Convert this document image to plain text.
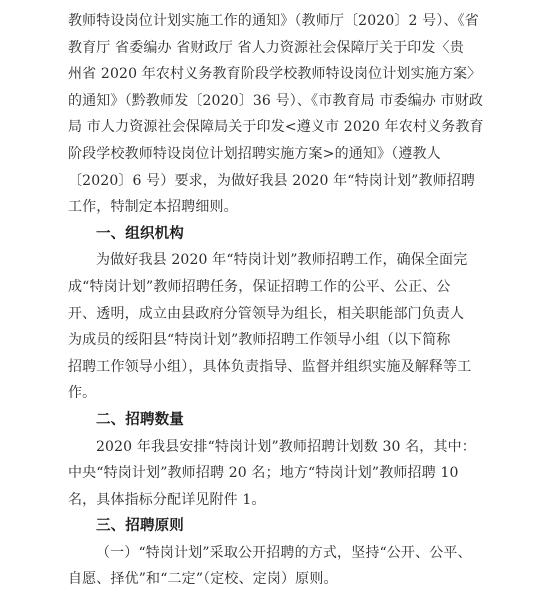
教师特设岗位计划实施工作的通知》（教师厅〔2020〕2 号）、《省
教育厅 省委编办 省财政厅 省人力资源社会保障厅关于印发〈贵
州省 2020 年农村义务教育阶段学校教师特设岗位计划实施方案〉
的通知》（黔教师发〔2020〕36 号）、《市教育局 市委编办 市财政
局 市人力资源社会保障局关于印发<遵义市 2020 年农村义务教育
阶段学校教师特设岗位计划招聘实施方案>的通知》（遵教人
〔2020〕6 号）要求，为做好我县 2020 年“特岗计划”教师招聘
工作，特制定本招聘细则。
一、组织机构
为做好我县 2020 年“特岗计划”教师招聘工作，确保全面完
成“特岗计划”教师招聘任务，保证招聘工作的公平、公正、公
开、透明，成立由县政府分管领导为组长，相关职能部门负责人
为成员的绥阳县“特岗计划”教师招聘工作领导小组（以下简称
招聘工作领导小组），具体负责指导、监督并组织实施及解释等工
作。
二、招聘数量
2020 年我县安排“特岗计划”教师招聘计划数 30 名，其中：
中央“特岗计划”教师招聘 20 名；地方“特岗计划”教师招聘 10
名，具体指标分配详见附件 1。
三、招聘原则
（一）“特岗计划”采取公开招聘的方式，坚持“公开、公平、
自愿、择优”和“二定”（定校、定岗）原则。
